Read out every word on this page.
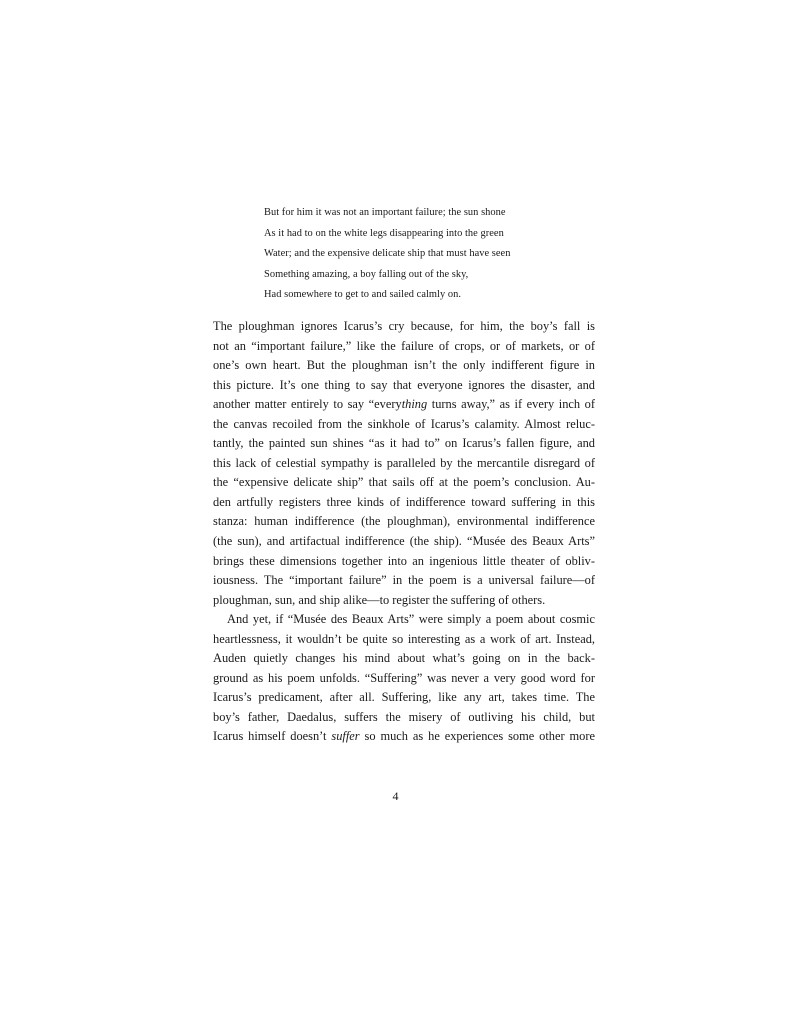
But for him it was not an important failure; the sun shone
As it had to on the white legs disappearing into the green
Water; and the expensive delicate ship that must have seen
Something amazing, a boy falling out of the sky,
Had somewhere to get to and sailed calmly on.
The ploughman ignores Icarus’s cry because, for him, the boy’s fall is
not an “important failure,” like the failure of crops, or of markets, or of
one’s own heart. But the ploughman isn’t the only indifferent figure in
this picture. It’s one thing to say that everyone ignores the disaster, and
another matter entirely to say “everything turns away,” as if every inch of
the canvas recoiled from the sinkhole of Icarus’s calamity. Almost reluc-
tantly, the painted sun shines “as it had to” on Icarus’s fallen figure, and
this lack of celestial sympathy is paralleled by the mercantile disregard of
the “expensive delicate ship” that sails off at the poem’s conclusion. Au-
den artfully registers three kinds of indifference toward suffering in this
stanza: human indifference (the ploughman), environmental indifference
(the sun), and artifactual indifference (the ship). “Musée des Beaux Arts”
brings these dimensions together into an ingenious little theater of obliv-
iousness. The “important failure” in the poem is a universal failure—of
ploughman, sun, and ship alike—to register the suffering of others.
And yet, if “Musée des Beaux Arts” were simply a poem about cosmic
heartlessness, it wouldn’t be quite so interesting as a work of art. Instead,
Auden quietly changes his mind about what’s going on in the back-
ground as his poem unfolds. “Suffering” was never a very good word for
Icarus’s predicament, after all. Suffering, like any art, takes time. The
boy’s father, Daedalus, suffers the misery of outliving his child, but
Icarus himself doesn’t suffer so much as he experiences some other more
4
